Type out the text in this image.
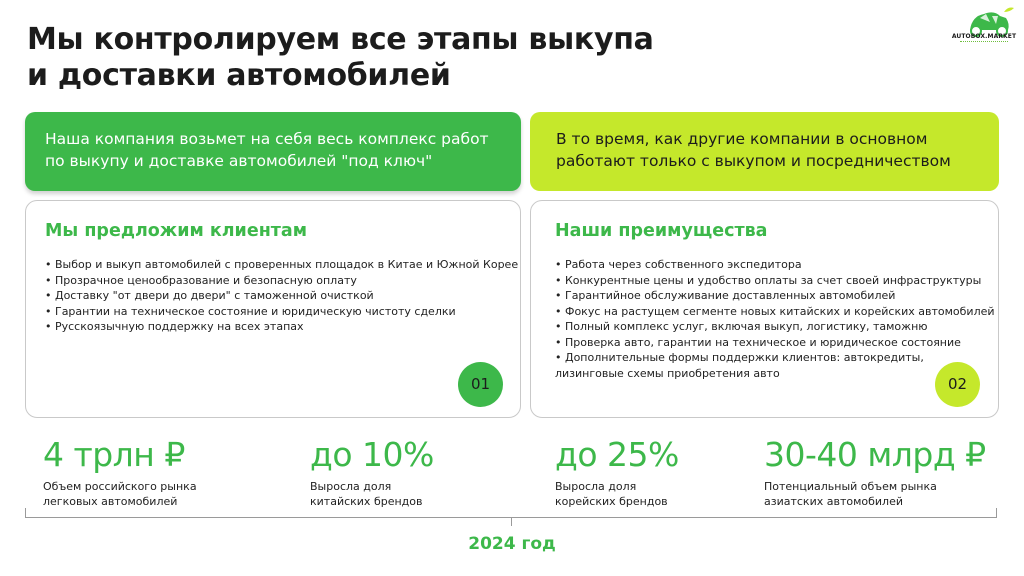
Мы контролируем все этапы выкупа
и доставки автомобилей
AUTOBOX.MARKET
Наша компания возьмет на себя весь комплекс работ
по выкупу и доставке автомобилей "под ключ"
В то время, как другие компании в основном
работают только с выкупом и посредничеством
Мы предложим клиентам
• Выбор и выкуп автомобилей с проверенных площадок в Китае и Южной Корее
• Прозрачное ценообразование и безопасную оплату
• Доставку "от двери до двери" с таможенной очисткой
• Гарантии на техническое состояние и юридическую чистоту сделки
• Русскоязычную поддержку на всех этапах
01
Наши преимущества
• Работа через собственного экспедитора
• Конкурентные цены и удобство оплаты за счет своей инфраструктуры
• Гарантийное обслуживание доставленных автомобилей
• Фокус на растущем сегменте новых китайских и корейских автомобилей
• Полный комплекс услуг, включая выкуп, логистику, таможню
• Проверка авто, гарантии на техническое и юридическое состояние
• Дополнительные формы поддержки клиентов: автокредиты,
лизинговые схемы приобретения авто
02
4 трлн ₽
Объем российского рынка
легковых автомобилей
до 10%
Выросла доля
китайских брендов
до 25%
Выросла доля
корейских брендов
30-40 млрд ₽
Потенциальный объем рынка
азиатских автомобилей
2024 год
